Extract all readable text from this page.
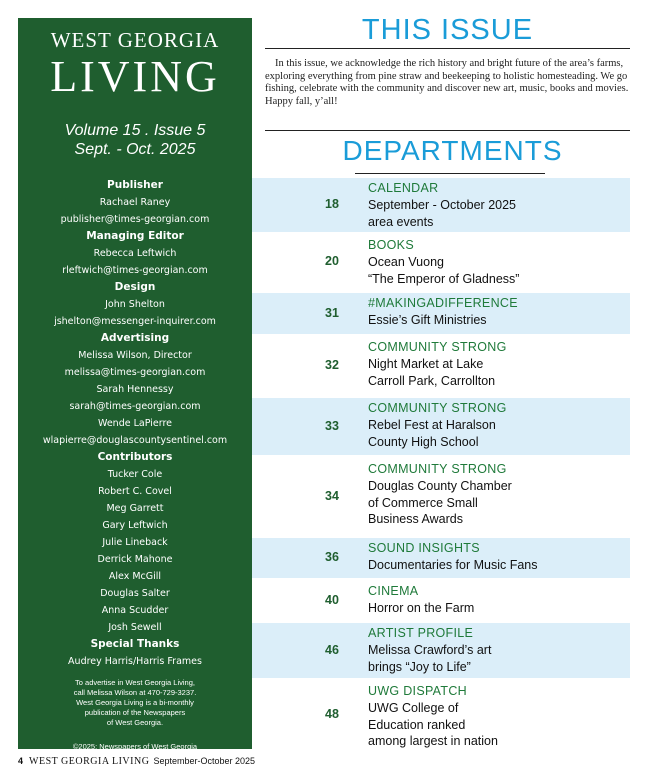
WEST GEORGIA
LIVING
Volume 15 . Issue 5
Sept. - Oct. 2025
Publisher
Rachael Raney
publisher@times-georgian.com
Managing Editor
Rebecca Leftwich
rleftwich@times-georgian.com
Design
John Shelton
jshelton@messenger-inquirer.com
Advertising
Melissa Wilson, Director
melissa@times-georgian.com
Sarah Hennessy
sarah@times-georgian.com
Wende LaPierre
wlapierre@douglascountysentinel.com
Contributors
Tucker Cole
Robert C. Covel
Meg Garrett
Gary Leftwich
Julie Lineback
Derrick Mahone
Alex McGill
Douglas Salter
Anna Scudder
Josh Sewell
Special Thanks
Audrey Harris/Harris Frames
To advertise in West Georgia Living,
call Melissa Wilson at 470-729-3237.
West Georgia Living is a bi-monthly
publication of the Newspapers
of West Georgia.
©2025; Newspapers of West Georgia
THIS ISSUE
In this issue, we acknowledge the rich history and bright future of the area’s farms, exploring everything from pine straw and beekeeping to holistic homesteading. We go fishing, celebrate with the community and discover new art, music, books and movies. Happy fall, y’all!
DEPARTMENTS
18
CALENDAR
September - October 2025
area events
20
BOOKS
Ocean Vuong
“The Emperor of Gladness”
31
#MAKINGADIFFERENCE
Essie’s Gift Ministries
32
COMMUNITY STRONG
Night Market at Lake
Carroll Park, Carrollton
33
COMMUNITY STRONG
Rebel Fest at Haralson
County High School
34
COMMUNITY STRONG
Douglas County Chamber
of Commerce Small
Business Awards
36
SOUND INSIGHTS
Documentaries for Music Fans
40
CINEMA
Horror on the Farm
46
ARTIST PROFILE
Melissa Crawford’s art
brings “Joy to Life”
48
UWG DISPATCH
UWG College of
Education ranked
among largest in nation
4 WEST GEORGIA LIVING September-October 2025
